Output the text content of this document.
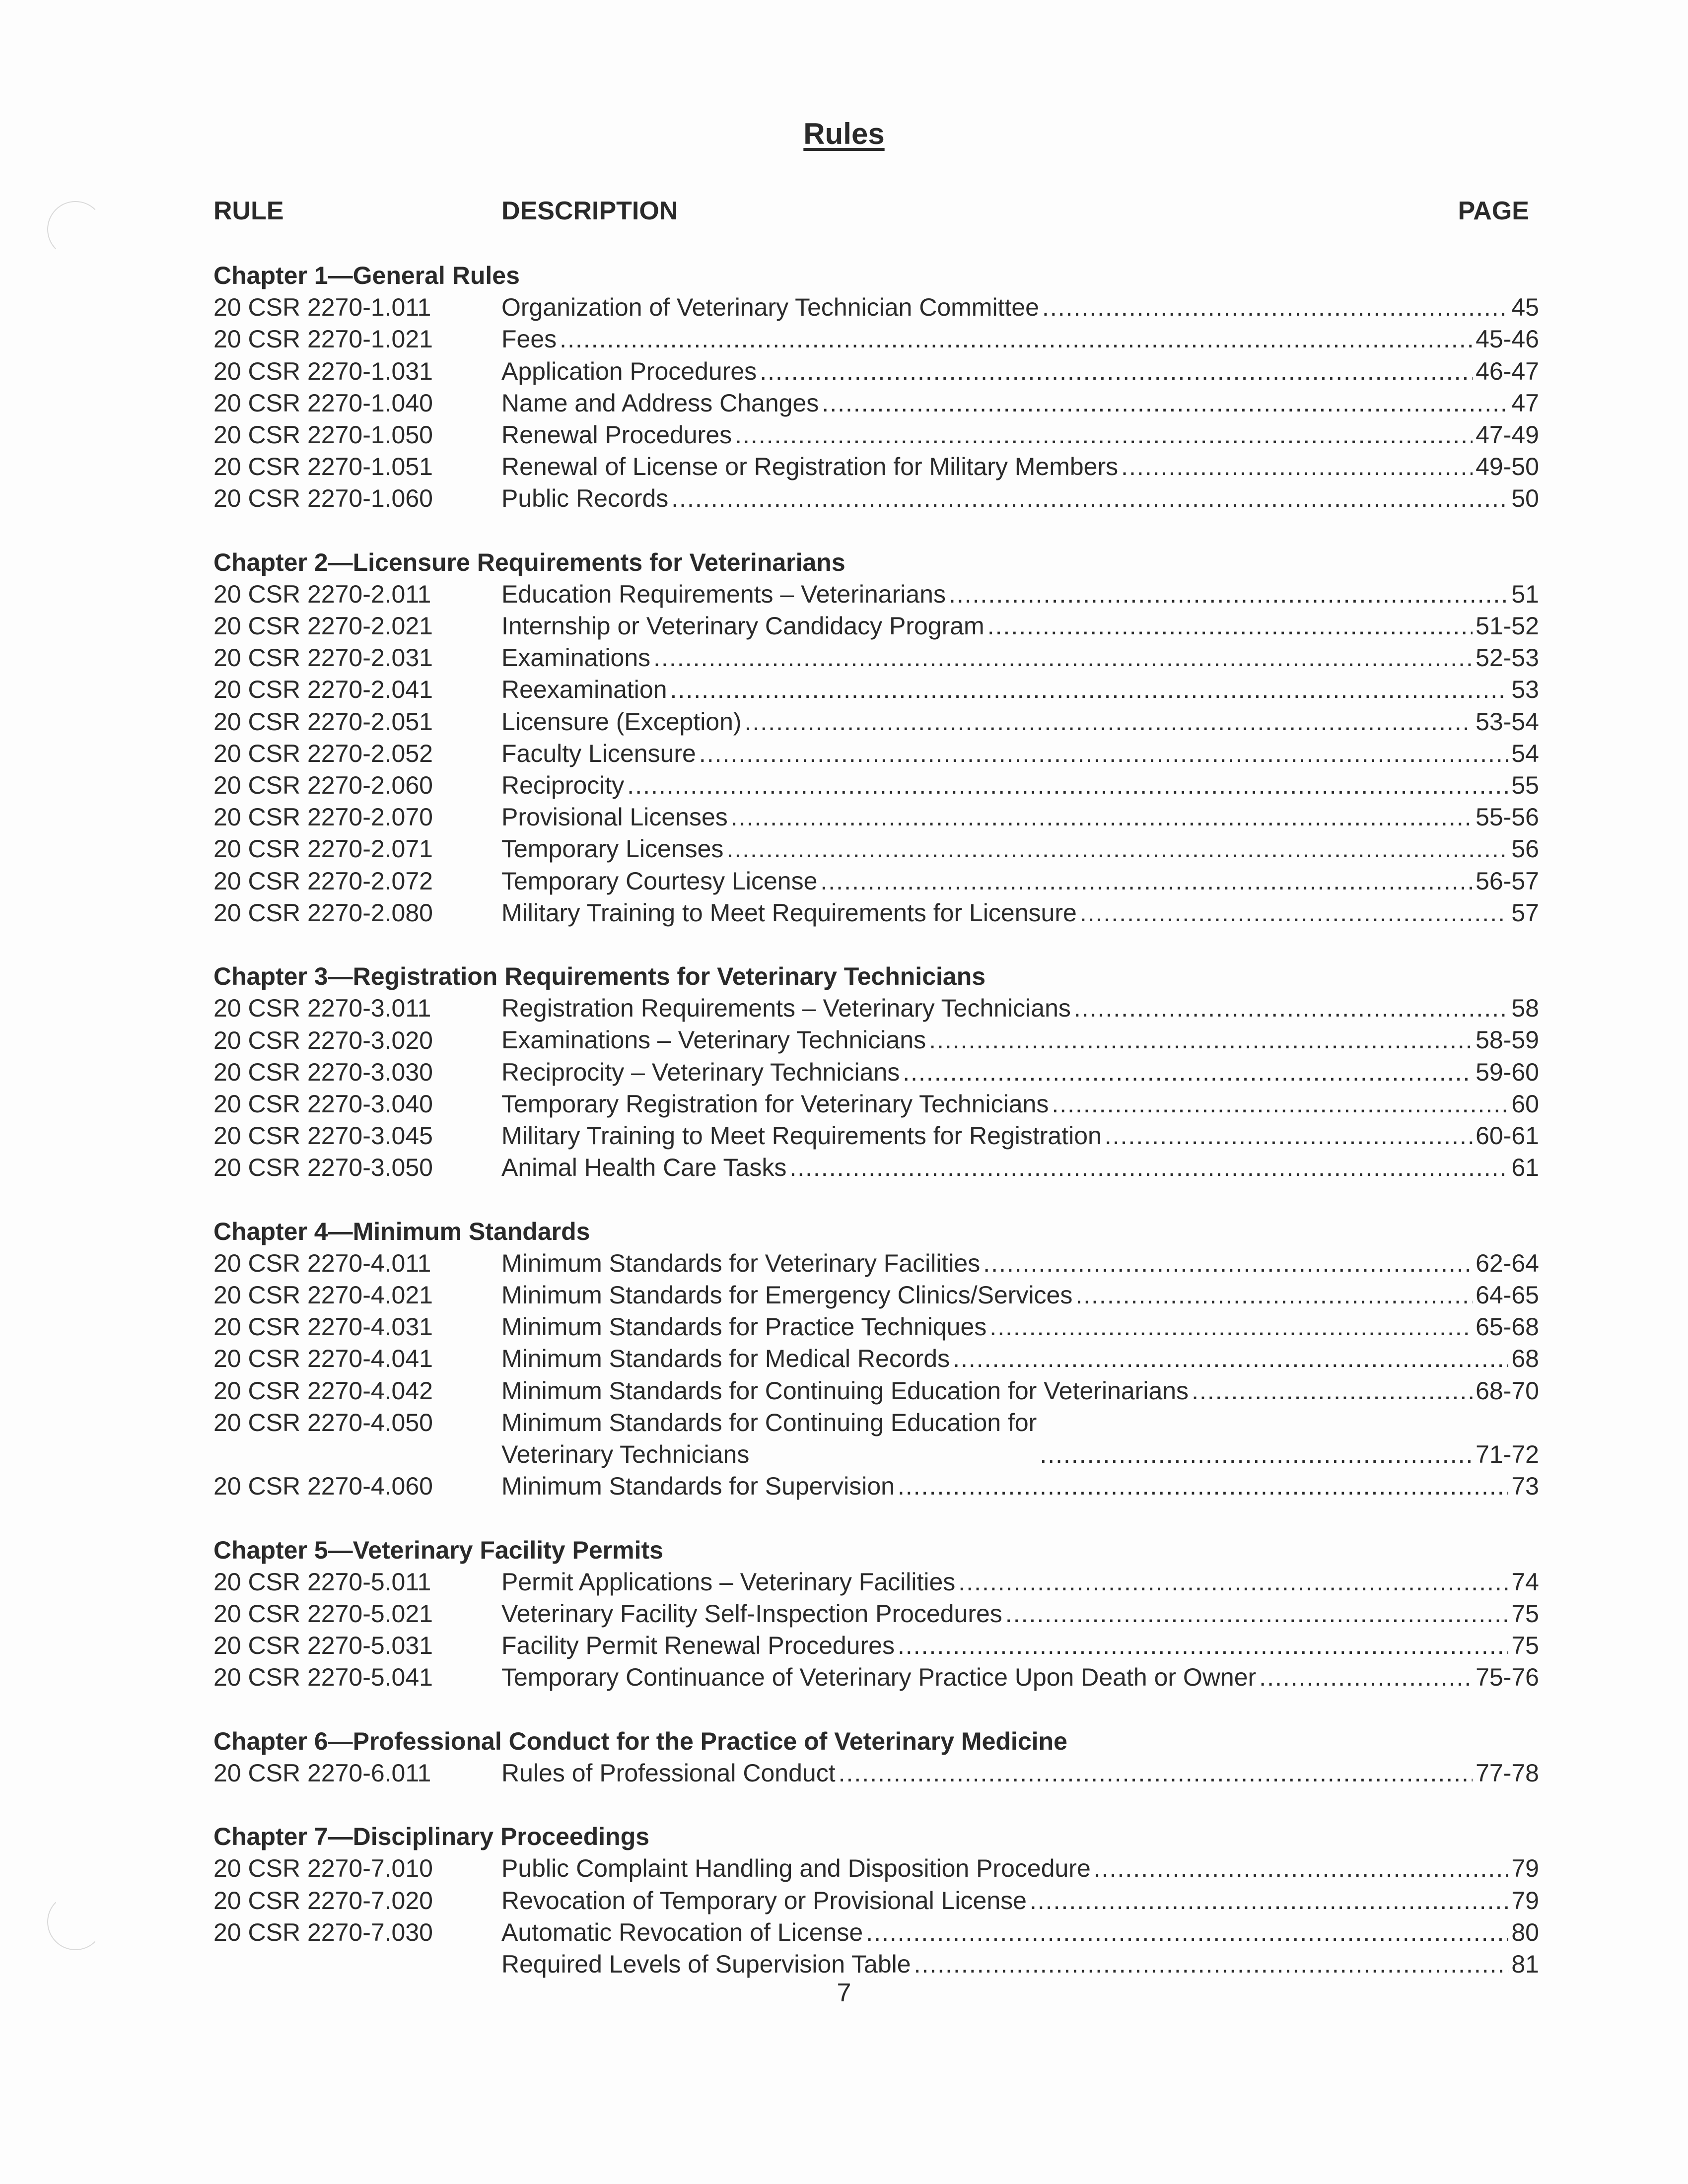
Rules
RULE	DESCRIPTION	PAGE
Chapter 1—General Rules
20 CSR 2270-1.011	Organization of Veterinary Technician Committee .....	45
20 CSR 2270-1.021	Fees .....	45-46
20 CSR 2270-1.031	Application Procedures .....	46-47
20 CSR 2270-1.040	Name and Address Changes .....	47
20 CSR 2270-1.050	Renewal Procedures .....	47-49
20 CSR 2270-1.051	Renewal of License or Registration for Military Members .....	49-50
20 CSR 2270-1.060	Public Records .....	50
Chapter 2—Licensure Requirements for Veterinarians
20 CSR 2270-2.011	Education Requirements – Veterinarians .....	51
20 CSR 2270-2.021	Internship or Veterinary Candidacy Program .....	51-52
20 CSR 2270-2.031	Examinations .....	52-53
20 CSR 2270-2.041	Reexamination .....	53
20 CSR 2270-2.051	Licensure (Exception) .....	53-54
20 CSR 2270-2.052	Faculty Licensure .....	54
20 CSR 2270-2.060	Reciprocity .....	55
20 CSR 2270-2.070	Provisional Licenses .....	55-56
20 CSR 2270-2.071	Temporary Licenses .....	56
20 CSR 2270-2.072	Temporary Courtesy License .....	56-57
20 CSR 2270-2.080	Military Training to Meet Requirements for Licensure .....	57
Chapter 3—Registration Requirements for Veterinary Technicians
20 CSR 2270-3.011	Registration Requirements – Veterinary Technicians .....	58
20 CSR 2270-3.020	Examinations – Veterinary Technicians .....	58-59
20 CSR 2270-3.030	Reciprocity – Veterinary Technicians .....	59-60
20 CSR 2270-3.040	Temporary Registration for Veterinary Technicians .....	60
20 CSR 2270-3.045	Military Training to Meet Requirements for Registration .....	60-61
20 CSR 2270-3.050	Animal Health Care Tasks .....	61
Chapter 4—Minimum Standards
20 CSR 2270-4.011	Minimum Standards for Veterinary Facilities .....	62-64
20 CSR 2270-4.021	Minimum Standards for Emergency Clinics/Services .....	64-65
20 CSR 2270-4.031	Minimum Standards for Practice Techniques .....	65-68
20 CSR 2270-4.041	Minimum Standards for Medical Records .....	68
20 CSR 2270-4.042	Minimum Standards for Continuing Education for Veterinarians .....	68-70
20 CSR 2270-4.050	Minimum Standards for Continuing Education for
Veterinary Technicians .....	71-72
20 CSR 2270-4.060	Minimum Standards for Supervision .....	73
Chapter 5—Veterinary Facility Permits
20 CSR 2270-5.011	Permit Applications – Veterinary Facilities .....	74
20 CSR 2270-5.021	Veterinary Facility Self-Inspection Procedures .....	75
20 CSR 2270-5.031	Facility Permit Renewal Procedures .....	75
20 CSR 2270-5.041	Temporary Continuance of Veterinary Practice Upon Death or Owner .....	75-76
Chapter 6—Professional Conduct for the Practice of Veterinary Medicine
20 CSR 2270-6.011	Rules of Professional Conduct .....	77-78
Chapter 7—Disciplinary Proceedings
20 CSR 2270-7.010	Public Complaint Handling and Disposition Procedure .....	79
20 CSR 2270-7.020	Revocation of Temporary or Provisional License .....	79
20 CSR 2270-7.030	Automatic Revocation of License .....	80
Required Levels of Supervision Table .....	81
7
